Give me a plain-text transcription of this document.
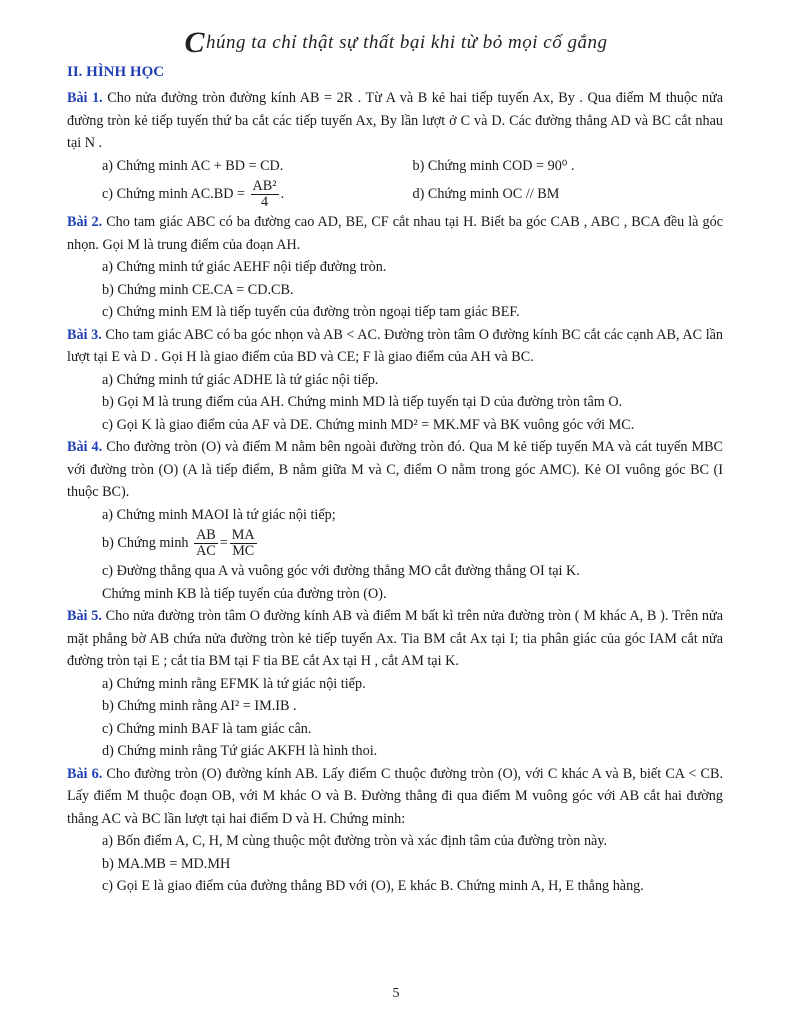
Chúng ta chỉ thật sự thất bại khi từ bỏ mọi cố gắng
II. HÌNH HỌC

Bài 1. Cho nửa đường tròn đường kính AB = 2R . Từ A và B kẻ hai tiếp tuyến Ax, By . Qua điểm M thuộc nửa đường tròn kẻ tiếp tuyến thứ ba cắt các tiếp tuyến Ax, By lần lượt ở C và D. Các đường thẳng AD và BC cắt nhau tại N .

a) Chứng minh AC + BD = CD.	b) Chứng minh COD = 90⁰ .
c) Chứng minh $AC.BD = \frac{\text{AB²}}{4}$ .	d) Chứng minh OC // BM

Bài 2. Cho tam giác ABC có ba đường cao AD, BE, CF cắt nhau tại H. Biết ba góc CAB , ABC , BCA đều là góc nhọn. Gọi M là trung điểm của đoạn AH.

a) Chứng minh tứ giác AEHF nội tiếp đường tròn.
b) Chứng minh CE.CA = CD.CB.
c) Chứng minh EM là tiếp tuyến của đường tròn ngoại tiếp tam giác BEF.

Bài 3. Cho tam giác ABC có ba góc nhọn và AB < AC. Đường tròn tâm O đường kính BC cắt các cạnh AB, AC lần lượt tại E và D . Gọi H là giao điểm của BD và CE; F là giao điểm của AH và BC.

a) Chứng minh tứ giác ADHE là tứ giác nội tiếp.
b) Gọi M là trung điểm của AH. Chứng minh MD là tiếp tuyến tại D của đường tròn tâm O.
c) Gọi K là giao điểm của AF và DE. Chứng minh MD² = MK.MF và BK vuông góc với MC.

Bài 4. Cho đường tròn (O) và điểm M nằm bên ngoài đường tròn đó. Qua M kẻ tiếp tuyến MA và cát tuyến MBC với đường tròn (O) (A là tiếp điểm, B nằm giữa M và C, điểm O nằm trong góc AMC). Kẻ OI vuông góc BC (I thuộc BC).

a) Chứng minh MAOI là tứ giác nội tiếp;
b) Chứng minh $\frac{AB}{AC} = \frac{MA}{MC}$
c) Đường thẳng qua A và vuông góc với đường thẳng MO cắt đường thẳng OI tại K.
Chứng minh KB là tiếp tuyến của đường tròn (O).

Bài 5. Cho nửa đường tròn tâm O đường kính AB và điểm M bất kì trên nửa đường tròn ( M khác A, B ). Trên nửa mặt phẳng bờ AB chứa nửa đường tròn kẻ tiếp tuyến Ax. Tia BM cắt Ax tại I; tia phân giác của góc IAM cắt nửa đường tròn tại E ; cắt tia BM tại F tia BE cắt Ax tại H , cắt AM tại K.

a) Chứng minh rằng EFMK là tứ giác nội tiếp.
b) Chứng minh rằng AI² = IM.IB .
c) Chứng minh BAF là tam giác cân.
d) Chứng minh rằng Tứ giác AKFH là hình thoi.

Bài 6. Cho đường tròn (O) đường kính AB. Lấy điểm C thuộc đường tròn (O), với C khác A và B, biết CA < CB. Lấy điểm M thuộc đoạn OB, với M khác O và B. Đường thẳng đi qua điểm M vuông góc với AB cắt hai đường thẳng AC và BC lần lượt tại hai điểm D và H. Chứng minh:

a) Bốn điểm A, C, H, M cùng thuộc một đường tròn và xác định tâm của đường tròn này.
b) MA.MB = MD.MH
c) Gọi E là giao điểm của đường thẳng BD với (O), E khác B. Chứng minh A, H, E thẳng hàng.
5
